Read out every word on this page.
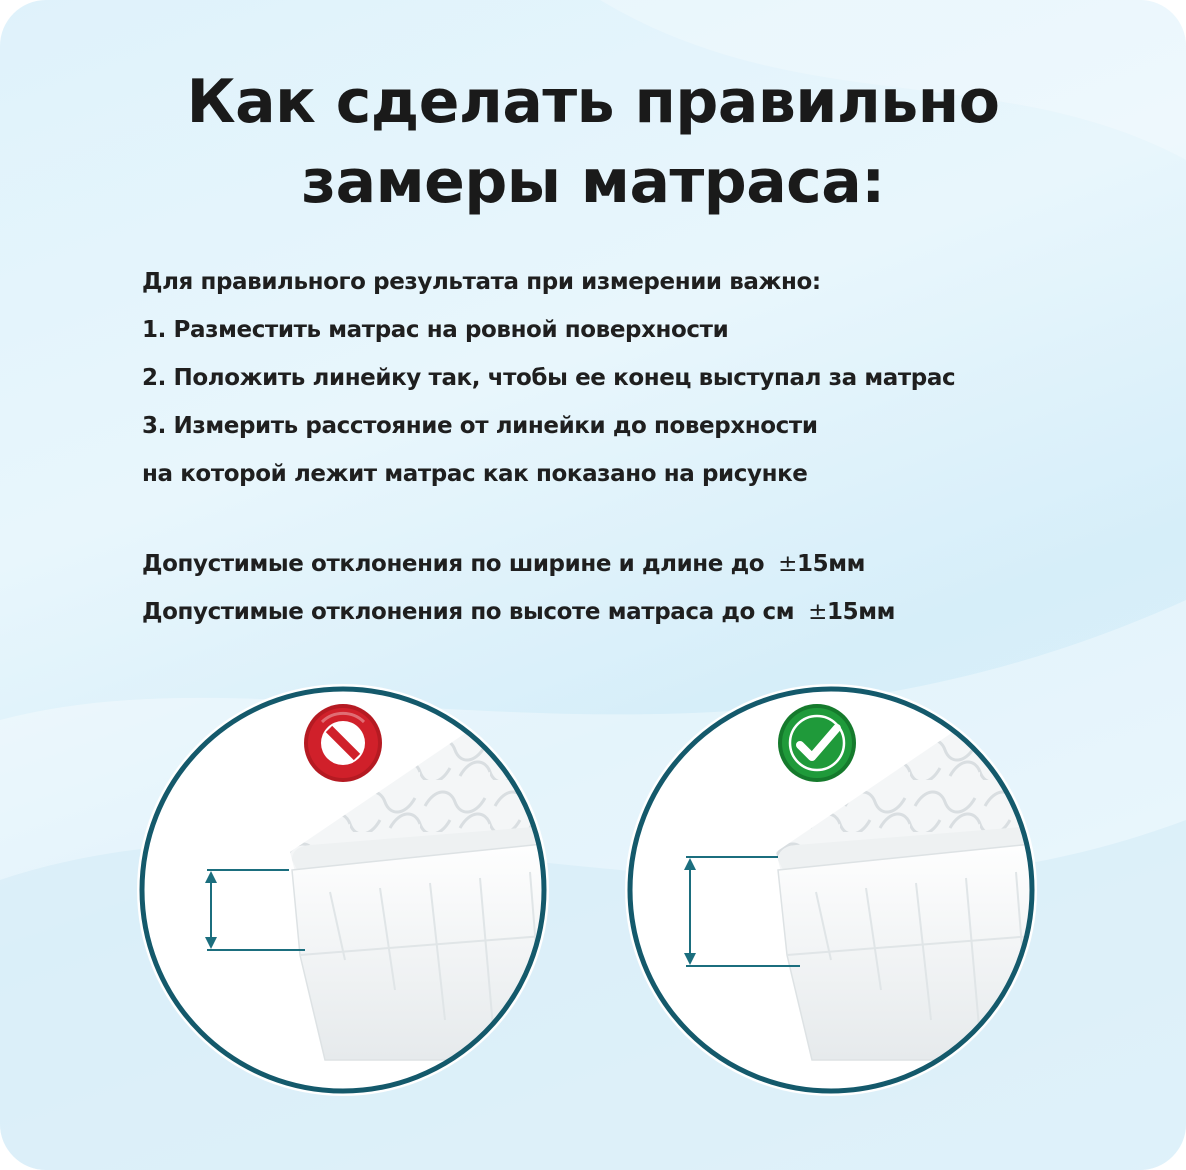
Как сделать правильно
замеры матраса:
Для правильного результата при измерении важно:
1. Разместить матрас на ровной поверхности
2. Положить линейку так, чтобы ее конец выступал за матрас
3. Измерить расстояние от линейки до поверхности
на которой лежит матрас как показано на рисунке
Допустимые отклонения по ширине и длине до ±15мм
Допустимые отклонения по высоте матраса до см ±15мм
